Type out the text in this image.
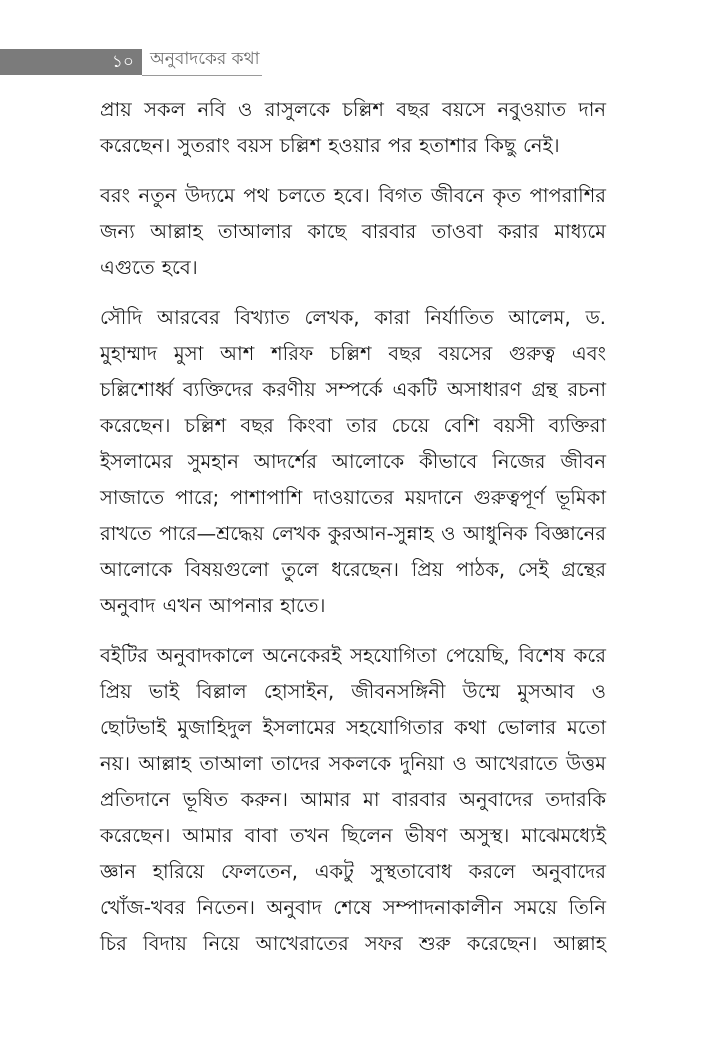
১০ অনুবাদকের কথা

প্রায় সকল নবি ও রাসুলকে চল্লিশ বছর বয়সে নবুওয়াত দান করেছেন। সুতরাং বয়স চল্লিশ হওয়ার পর হতাশার কিছু নেই।

বরং নতুন উদ্যমে পথ চলতে হবে। বিগত জীবনে কৃত পাপরাশির জন্য আল্লাহ তাআলার কাছে বারবার তাওবা করার মাধ্যমে এগুতে হবে।

সৌদি আরবের বিখ্যাত লেখক, কারা নির্যাতিত আলেম, ড. মুহাম্মাদ মুসা আশ শরিফ চল্লিশ বছর বয়সের গুরুত্ব এবং চল্লিশোর্ধ্ব ব্যক্তিদের করণীয় সম্পর্কে একটি অসাধারণ গ্রন্থ রচনা করেছেন। চল্লিশ বছর কিংবা তার চেয়ে বেশি বয়সী ব্যক্তিরা ইসলামের সুমহান আদর্শের আলোকে কীভাবে নিজের জীবন সাজাতে পারে; পাশাপাশি দাওয়াতের ময়দানে গুরুত্বপূর্ণ ভূমিকা রাখতে পারে—শ্রদ্ধেয় লেখক কুরআন-সুন্নাহ ও আধুনিক বিজ্ঞানের আলোকে বিষয়গুলো তুলে ধরেছেন। প্রিয় পাঠক, সেই গ্রন্থের অনুবাদ এখন আপনার হাতে।

বইটির অনুবাদকালে অনেকেরই সহযোগিতা পেয়েছি, বিশেষ করে প্রিয় ভাই বিল্লাল হোসাইন, জীবনসঙ্গিনী উম্মে মুসআব ও ছোটভাই মুজাহিদুল ইসলামের সহযোগিতার কথা ভোলার মতো নয়। আল্লাহ তাআলা তাদের সকলকে দুনিয়া ও আখেরাতে উত্তম প্রতিদানে ভূষিত করুন। আমার মা বারবার অনুবাদের তদারকি করেছেন। আমার বাবা তখন ছিলেন ভীষণ অসুস্থ। মাঝেমধ্যেই জ্ঞান হারিয়ে ফেলতেন, একটু সুস্থতাবোধ করলে অনুবাদের খোঁজ-খবর নিতেন। অনুবাদ শেষে সম্পাদনাকালীন সময়ে তিনি চির বিদায় নিয়ে আখেরাতের সফর শুরু করেছেন। আল্লাহ
